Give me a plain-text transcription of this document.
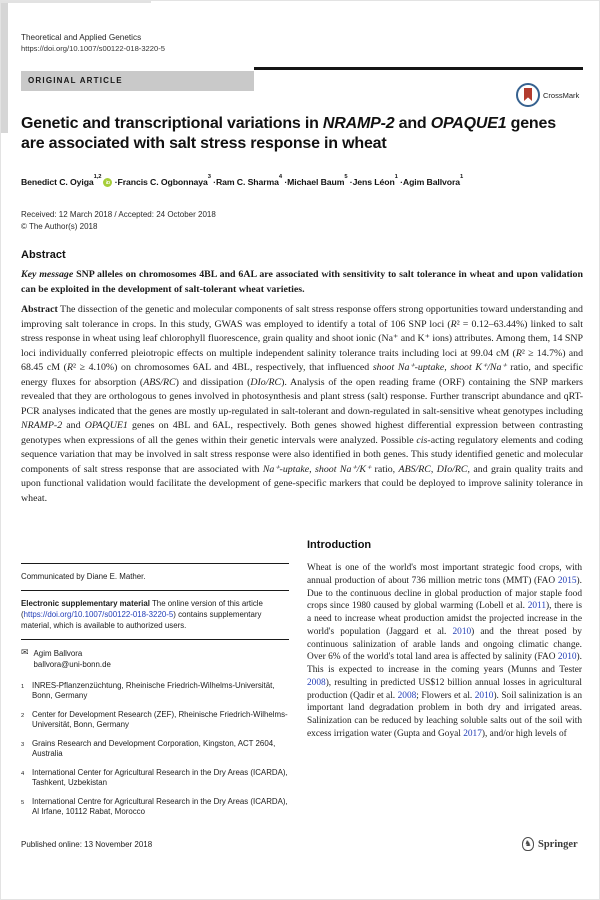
Theoretical and Applied Genetics
https://doi.org/10.1007/s00122-018-3220-5
ORIGINAL ARTICLE
CrossMark
Genetic and transcriptional variations in NRAMP-2 and OPAQUE1 genes
are associated with salt stress response in wheat
Benedict C. Oyiga$^{1,2}$iD · Francis C. Ogbonnaya$^3$ · Ram C. Sharma$^4$ · Michael Baum$^5$ · Jens Léon$^1$ · Agim Ballvora$^1$
Received: 12 March 2018 / Accepted: 24 October 2018
© The Author(s) 2018
Abstract

Key message SNP alleles on chromosomes 4BL and 6AL are associated with sensitivity to salt tolerance in wheat and upon validation can be exploited in the development of salt-tolerant wheat varieties.

Abstract The dissection of the genetic and molecular components of salt stress response offers strong opportunities toward understanding and improving salt tolerance in crops. In this study, GWAS was employed to identify a total of 106 SNP loci (R² = 0.12–63.44%) linked to salt stress response in wheat using leaf chlorophyll fluorescence, grain quality and shoot ionic (Na⁺ and K⁺ ions) attributes. Among them, 14 SNP loci individually conferred pleiotropic effects on multiple independent salinity tolerance traits including loci at 99.04 cM (R² ≥ 14.7%) and 68.45 cM (R² ≥ 4.10%) on chromosomes 6AL and 4BL, respectively, that influenced shoot Na⁺-uptake, shoot K⁺/Na⁺ ratio, and specific energy fluxes for absorption (ABS/RC) and dissipation (DIo/RC). Analysis of the open reading frame (ORF) containing the SNP markers revealed that they are orthologous to genes involved in photosynthesis and plant stress (salt) response. Further transcript abundance and qRT-PCR analyses indicated that the genes are mostly up-regulated in salt-tolerant and down-regulated in salt-sensitive wheat genotypes including NRAMP-2 and OPAQUE1 genes on 4BL and 6AL, respectively. Both genes showed highest differential expression between contrasting genotypes when expressions of all the genes within their genetic intervals were analyzed. Possible cis-acting regulatory elements and coding sequence variation that may be involved in salt stress response were also identified in both genes. This study identified genetic and molecular components of salt stress response that are associated with Na⁺-uptake, shoot Na⁺/K⁺ ratio, ABS/RC, DIo/RC, and grain quality traits and upon functional validation would facilitate the development of gene-specific markers that could be deployed to improve salinity tolerance in wheat.

Communicated by Diane E. Mather.

Electronic supplementary material The online version of this article (https://doi.org/10.1007/s00122-018-3220-5) contains supplementary material, which is available to authorized users.

✉ Agim Ballvora
ballvora@uni-bonn.de
$^1$ INRES-Pflanzenzüchtung, Rheinische Friedrich-Wilhelms-Universität, Bonn, Germany
$^2$ Center for Development Research (ZEF), Rheinische Friedrich-Wilhelms-Universität, Bonn, Germany
$^3$ Grains Research and Development Corporation, Kingston, ACT 2604, Australia
$^4$ International Center for Agricultural Research in the Dry Areas (ICARDA), Tashkent, Uzbekistan
$^5$ International Centre for Agricultural Research in the Dry Areas (ICARDA), Al Irfane, 10112 Rabat, Morocco
Introduction

Wheat is one of the world's most important strategic food crops, with annual production of about 736 million metric tons (MMT) (FAO 2015). Due to the continuous decline in global production of major staple food crops since 1980 caused by global warming (Lobell et al. 2011), there is a need to increase wheat production amidst the projected increase in the world's population (Jaggard et al. 2010) and the threat posed by continuous salinization of arable lands and ongoing climatic change. Over 6% of the world's total land area is affected by salinity (FAO 2010). This is expected to increase in the coming years (Munns and Tester 2008), resulting in predicted US$12 billion annual losses in agricultural production (Qadir et al. 2008; Flowers et al. 2010). Soil salinization is an important land degradation problem in both dry and irrigated areas. Salinization can be reduced by leaching soluble salts out of the soil with excess irrigation water (Gupta and Goyal 2017), and/or high levels of

Published online: 13 November 2018	♞ Springer
